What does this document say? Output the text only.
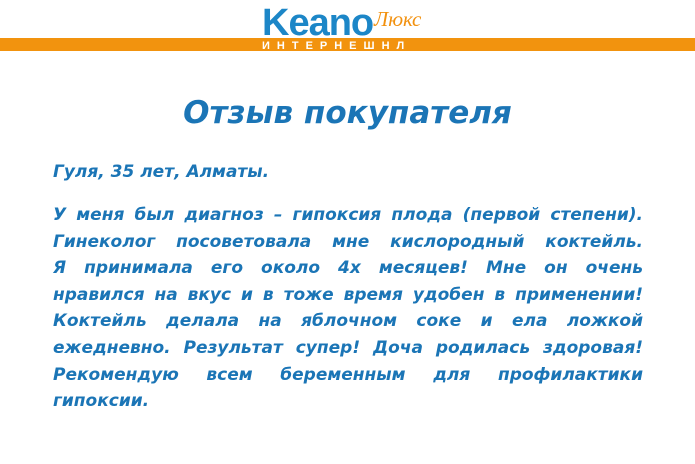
Keano Люкс
ИНТЕРНЕШНЛ
Отзыв покупателя
Гуля, 35 лет, Алматы.

У меня был диагноз – гипоксия плода (первой степени).
Гинеколог посоветовала мне кислородный коктейль.
Я принимала его около 4х месяцев! Мне он очень
нравился на вкус и в тоже время удобен в применении!
Коктейль делала на яблочном соке и ела ложкой
ежедневно. Результат супер! Доча родилась здоровая!
Рекомендую всем беременным для профилактики
гипоксии.
